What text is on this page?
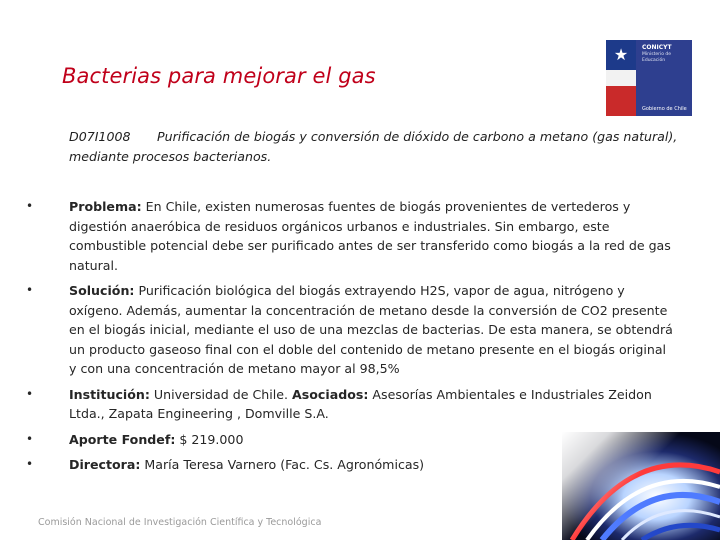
Bacterias para mejorar el gas
★	CONICYT
Ministerio de Educación
Gobierno de Chile
D07I1008 Purificación de biogás y conversión de dióxido de carbono a metano (gas natural), mediante procesos bacterianos.
•	Problema: En Chile, existen numerosas fuentes de biogás provenientes de vertederos y digestión anaeróbica de residuos orgánicos urbanos e industriales. Sin embargo, este combustible potencial debe ser purificado antes de ser transferido como biogás a la red de gas natural.
•	Solución: Purificación biológica del biogás extrayendo H2S, vapor de agua, nitrógeno y oxígeno. Además, aumentar la concentración de metano desde la conversión de CO2 presente en el biogás inicial, mediante el uso de una mezclas de bacterias. De esta manera, se obtendrá un producto gaseoso final con el doble del contenido de metano presente en el biogás original y con una concentración de metano mayor al 98,5%
•	Institución: Universidad de Chile. Asociados: Asesorías Ambientales e Industriales Zeidon Ltda., Zapata Engineering , Domville S.A.
•	Aporte Fondef: $ 219.000
•	Directora: María Teresa Varnero (Fac. Cs. Agronómicas)
Comisión Nacional de Investigación Científica y Tecnológica
